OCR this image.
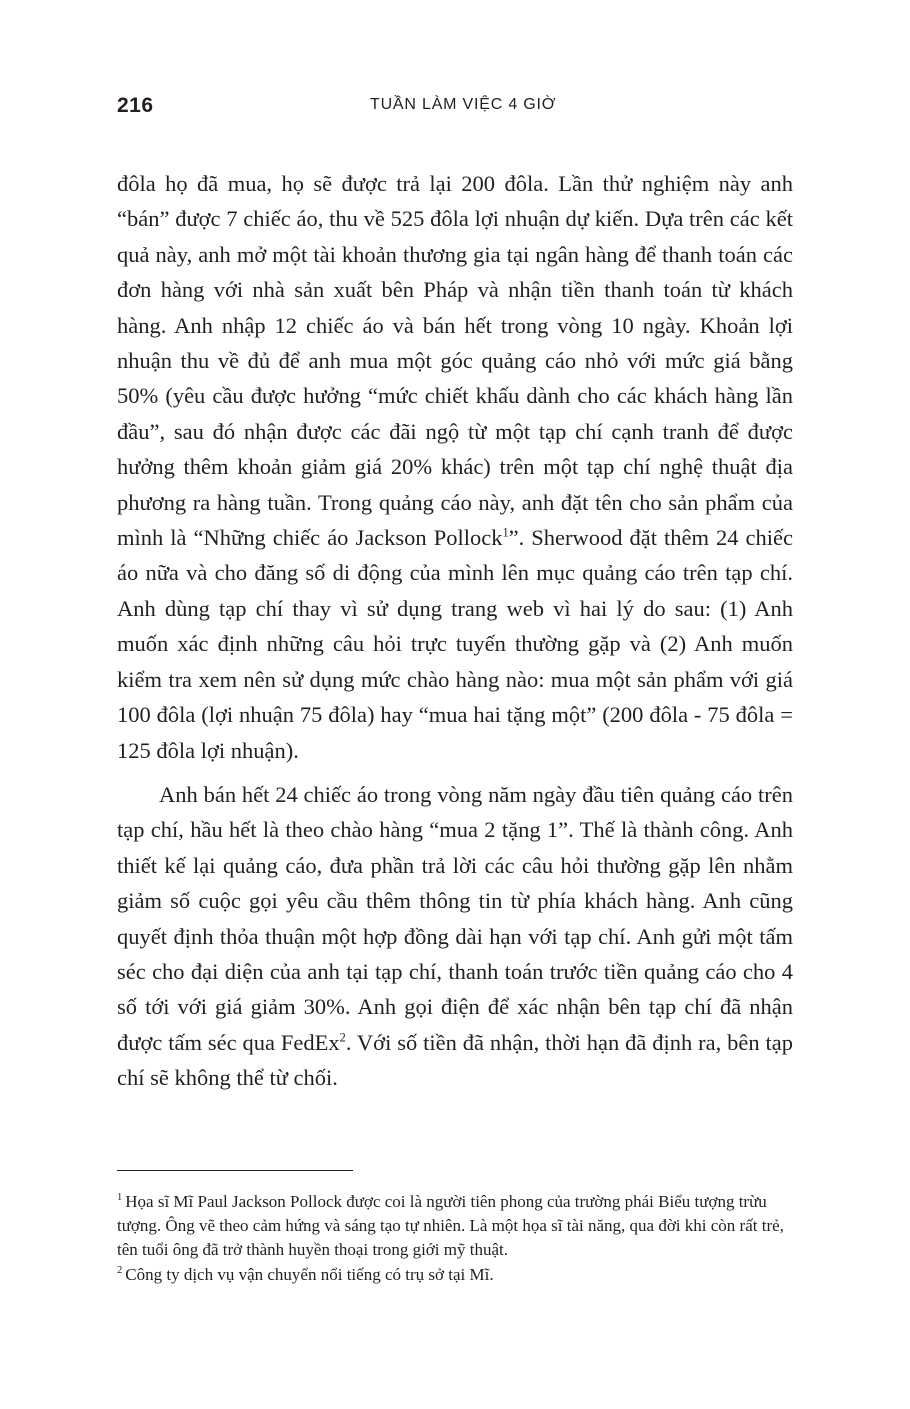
216	TUẦN LÀM VIỆC 4 GIỜ

đôla họ đã mua, họ sẽ được trả lại 200 đôla. Lần thử nghiệm này anh “bán” được 7 chiếc áo, thu về 525 đôla lợi nhuận dự kiến. Dựa trên các kết quả này, anh mở một tài khoản thương gia tại ngân hàng để thanh toán các đơn hàng với nhà sản xuất bên Pháp và nhận tiền thanh toán từ khách hàng. Anh nhập 12 chiếc áo và bán hết trong vòng 10 ngày. Khoản lợi nhuận thu về đủ để anh mua một góc quảng cáo nhỏ với mức giá bằng 50% (yêu cầu được hưởng “mức chiết khấu dành cho các khách hàng lần đầu”, sau đó nhận được các đãi ngộ từ một tạp chí cạnh tranh để được hưởng thêm khoản giảm giá 20% khác) trên một tạp chí nghệ thuật địa phương ra hàng tuần. Trong quảng cáo này, anh đặt tên cho sản phẩm của mình là “Những chiếc áo Jackson Pollock$^1$”. Sherwood đặt thêm 24 chiếc áo nữa và cho đăng số di động của mình lên mục quảng cáo trên tạp chí. Anh dùng tạp chí thay vì sử dụng trang web vì hai lý do sau: (1) Anh muốn xác định những câu hỏi trực tuyến thường gặp và (2) Anh muốn kiểm tra xem nên sử dụng mức chào hàng nào: mua một sản phẩm với giá 100 đôla (lợi nhuận 75 đôla) hay “mua hai tặng một” (200 đôla - 75 đôla = 125 đôla lợi nhuận).

Anh bán hết 24 chiếc áo trong vòng năm ngày đầu tiên quảng cáo trên tạp chí, hầu hết là theo chào hàng “mua 2 tặng 1”. Thế là thành công. Anh thiết kế lại quảng cáo, đưa phần trả lời các câu hỏi thường gặp lên nhằm giảm số cuộc gọi yêu cầu thêm thông tin từ phía khách hàng. Anh cũng quyết định thỏa thuận một hợp đồng dài hạn với tạp chí. Anh gửi một tấm séc cho đại diện của anh tại tạp chí, thanh toán trước tiền quảng cáo cho 4 số tới với giá giảm 30%. Anh gọi điện để xác nhận bên tạp chí đã nhận được tấm séc qua FedEx$^2$. Với số tiền đã nhận, thời hạn đã định ra, bên tạp chí sẽ không thể từ chối.

$^1$ Họa sĩ Mĩ Paul Jackson Pollock được coi là người tiên phong của trường phái Biểu tượng trừu tượng. Ông vẽ theo cảm hứng và sáng tạo tự nhiên. Là một họa sĩ tài năng, qua đời khi còn rất trẻ, tên tuổi ông đã trở thành huyền thoại trong giới mỹ thuật.

$^2$ Công ty dịch vụ vận chuyển nổi tiếng có trụ sở tại Mĩ.
